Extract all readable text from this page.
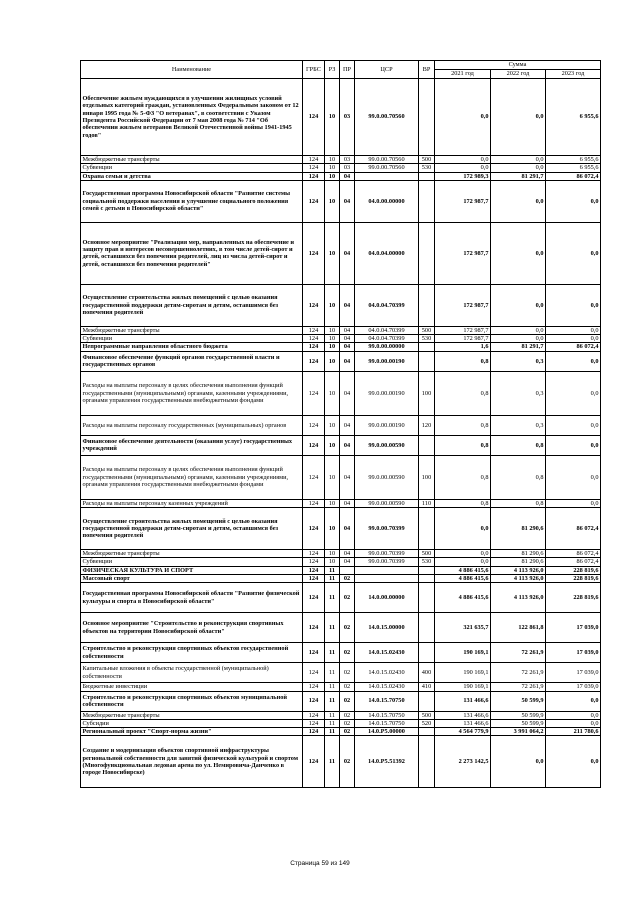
Наименование	ГРБС	РЗ	ПР	ЦСР	ВР	Сумма		
						2021 год	2022 год	2023 год
Обеспечение жильем нуждающихся в улучшении жилищных условий отдельных категорий граждан, установленных Федеральным законом от 12 января 1995 года № 5-ФЗ "О ветеранах", в соответствии с Указом Президента Российской Федерации от 7 мая 2008 года № 714 "Об обеспечении жильем ветеранов Великой Отечественной войны 1941-1945 годов"	124	10	03	99.0.00.70560		0,0	0,0	6 955,6
Межбюджетные трансферты	124	10	03	99.0.00.70560	500	0,0	0,0	6 955,6
Субвенции	124	10	03	99.0.00.70560	530	0,0	0,0	6 955,6
Охрана семьи и детства	124	10	04			172 989,3	81 291,7	86 072,4
Государственная программа Новосибирской области "Развитие системы социальной поддержки населения и улучшение социального положения семей с детьми в Новосибирской области"	124	10	04	04.0.00.00000		172 987,7	0,0	0,0
Основное мероприятие "Реализация мер, направленных на обеспечение и защиту прав и интересов несовершеннолетних, в том числе детей-сирот и детей, оставшихся без попечения родителей, лиц из числа детей-сирот и детей, оставшихся без попечения родителей"	124	10	04	04.0.04.00000		172 987,7	0,0	0,0
Осуществление строительства жилых помещений с целью оказания государственной поддержки детям-сиротам и детям, оставшимся без попечения родителей	124	10	04	04.0.04.70399		172 987,7	0,0	0,0
Межбюджетные трансферты	124	10	04	04.0.04.70399	500	172 987,7	0,0	0,0
Субвенции	124	10	04	04.0.04.70399	530	172 987,7	0,0	0,0
Непрограммные направления областного бюджета	124	10	04	99.0.00.00000		1,6	81 291,7	86 072,4
Финансовое обеспечение функций органов государственной власти и государственных органов	124	10	04	99.0.00.00190		0,8	0,3	0,0
Расходы на выплаты персоналу в целях обеспечения выполнения функций государственными (муниципальными) органами, казенными учреждениями, органами управления государственными внебюджетными фондами	124	10	04	99.0.00.00190	100	0,8	0,3	0,0
Расходы на выплаты персоналу государственных (муниципальных) органов	124	10	04	99.0.00.00190	120	0,8	0,3	0,0
Финансовое обеспечение деятельности (оказания услуг) государственных учреждений	124	10	04	99.0.00.00590		0,8	0,8	0,0
Расходы на выплаты персоналу в целях обеспечения выполнения функций государственными (муниципальными) органами, казенными учреждениями, органами управления государственными внебюджетными фондами	124	10	04	99.0.00.00590	100	0,8	0,8	0,0
Расходы на выплаты персоналу казенных учреждений	124	10	04	99.0.00.00590	110	0,8	0,8	0,0
Осуществление строительства жилых помещений с целью оказания государственной поддержки детям-сиротам и детям, оставшимся без попечения родителей	124	10	04	99.0.00.70399		0,0	81 290,6	86 072,4
Межбюджетные трансферты	124	10	04	99.0.00.70399	500	0,0	81 290,6	86 072,4
Субвенции	124	10	04	99.0.00.70399	530	0,0	81 290,6	86 072,4
ФИЗИЧЕСКАЯ КУЛЬТУРА И СПОРТ	124	11				4 886 415,6	4 113 926,0	228 819,6
Массовый спорт	124	11	02			4 886 415,6	4 113 926,0	228 819,6
Государственная программа Новосибирской области "Развитие физической культуры и спорта в Новосибирской области"	124	11	02	14.0.00.00000		4 886 415,6	4 113 926,0	228 819,6
Основное мероприятие "Строительство и реконструкция спортивных объектов на территории Новосибирской области"	124	11	02	14.0.15.00000		321 635,7	122 861,8	17 039,0
Строительство и реконструкция спортивных объектов государственной собственности	124	11	02	14.0.15.02430		190 169,1	72 261,9	17 039,0
Капитальные вложения в объекты государственной (муниципальной) собственности	124	11	02	14.0.15.02430	400	190 169,1	72 261,9	17 039,0
Бюджетные инвестиции	124	11	02	14.0.15.02430	410	190 169,1	72 261,9	17 039,0
Строительство и реконструкция спортивных объектов муниципальной собственности	124	11	02	14.0.15.70750		131 466,6	50 599,9	0,0
Межбюджетные трансферты	124	11	02	14.0.15.70750	500	131 466,6	50 599,9	0,0
Субсидии	124	11	02	14.0.15.70750	520	131 466,6	50 599,9	0,0
Региональный проект "Спорт-норма жизни"	124	11	02	14.0.P5.00000		4 564 779,9	3 991 064,2	211 780,6
Создание и модернизация объектов спортивной инфраструктуры региональной собственности для занятий физической культурой и спортом (Многофункциональная ледовая арена по ул. Немировича-Данченко в городе Новосибирске)	124	11	02	14.0.P5.51392		2 273 142,5	0,0	0,0
Страница 59 из 149
